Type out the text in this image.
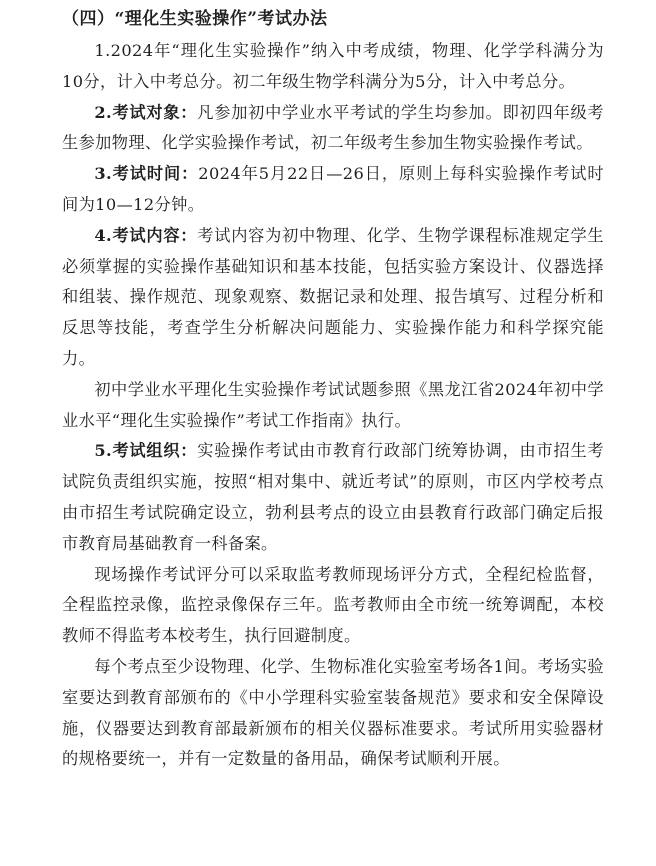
（四）“理化生实验操作”考试办法

1.2024年“理化生实验操作”纳入中考成绩，物理、化学学科满分为10分，计入中考总分。初二年级生物学科满分为5分，计入中考总分。

2.考试对象：凡参加初中学业水平考试的学生均参加。即初四年级考生参加物理、化学实验操作考试，初二年级考生参加生物实验操作考试。

3.考试时间：2024年5月22日—26日，原则上每科实验操作考试时间为10—12分钟。

4.考试内容：考试内容为初中物理、化学、生物学课程标准规定学生必须掌握的实验操作基础知识和基本技能，包括实验方案设计、仪器选择和组装、操作规范、现象观察、数据记录和处理、报告填写、过程分析和反思等技能，考查学生分析解决问题能力、实验操作能力和科学探究能力。

初中学业水平理化生实验操作考试试题参照《黑龙江省2024年初中学业水平“理化生实验操作”考试工作指南》执行。

5.考试组织：实验操作考试由市教育行政部门统筹协调，由市招生考试院负责组织实施，按照“相对集中、就近考试”的原则，市区内学校考点由市招生考试院确定设立，勃利县考点的设立由县教育行政部门确定后报市教育局基础教育一科备案。

现场操作考试评分可以采取监考教师现场评分方式，全程纪检监督，全程监控录像，监控录像保存三年。监考教师由全市统一统筹调配，本校教师不得监考本校考生，执行回避制度。

每个考点至少设物理、化学、生物标准化实验室考场各1间。考场实验室要达到教育部颁布的《中小学理科实验室装备规范》要求和安全保障设施，仪器要达到教育部最新颁布的相关仪器标准要求。考试所用实验器材的规格要统一，并有一定数量的备用品，确保考试顺利开展。
